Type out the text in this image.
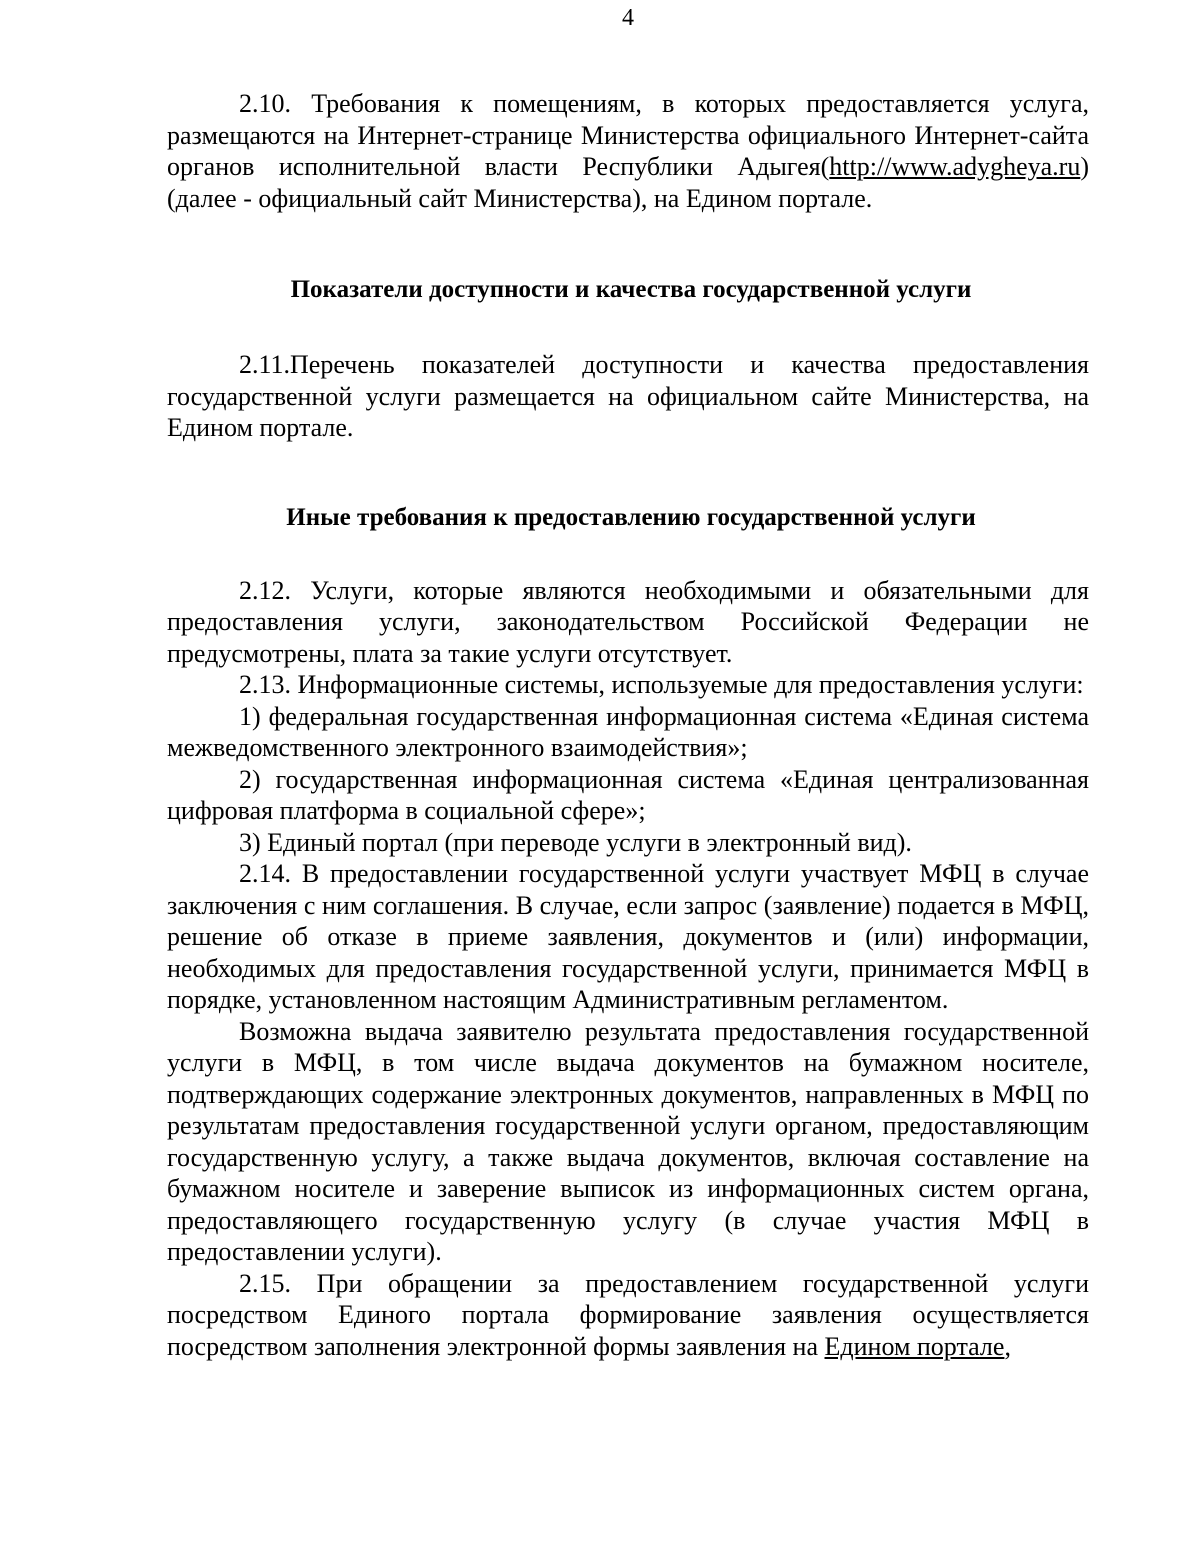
4

2.10. Требования к помещениям, в которых предоставляется услуга, размещаются на Интернет-странице Министерства официального Интернет-сайта органов исполнительной власти Республики Адыгея(http://www.adygheya.ru) (далее - официальный сайт Министерства), на Едином портале.

Показатели доступности и качества государственной услуги

2.11.Перечень показателей доступности и качества предоставления государственной услуги размещается на официальном сайте Министерства, на Едином портале.

Иные требования к предоставлению государственной услуги

2.12. Услуги, которые являются необходимыми и обязательными для предоставления услуги, законодательством Российской Федерации не предусмотрены, плата за такие услуги отсутствует.

2.13. Информационные системы, используемые для предоставления услуги:

1) федеральная государственная информационная система «Единая система межведомственного электронного взаимодействия»;

2) государственная информационная система «Единая централизованная цифровая платформа в социальной сфере»;

3) Единый портал (при переводе услуги в электронный вид).

2.14. В предоставлении государственной услуги участвует МФЦ в случае заключения с ним соглашения. В случае, если запрос (заявление) подается в МФЦ, решение об отказе в приеме заявления, документов и (или) информации, необходимых для предоставления государственной услуги, принимается МФЦ в порядке, установленном настоящим Административным регламентом.

Возможна выдача заявителю результата предоставления государственной услуги в МФЦ, в том числе выдача документов на бумажном носителе, подтверждающих содержание электронных документов, направленных в МФЦ по результатам предоставления государственной услуги органом, предоставляющим государственную услугу, а также выдача документов, включая составление на бумажном носителе и заверение выписок из информационных систем органа, предоставляющего государственную услугу (в случае участия МФЦ в предоставлении услуги).

2.15. При обращении за предоставлением государственной услуги посредством Единого портала формирование заявления осуществляется посредством заполнения электронной формы заявления на Едином портале,
